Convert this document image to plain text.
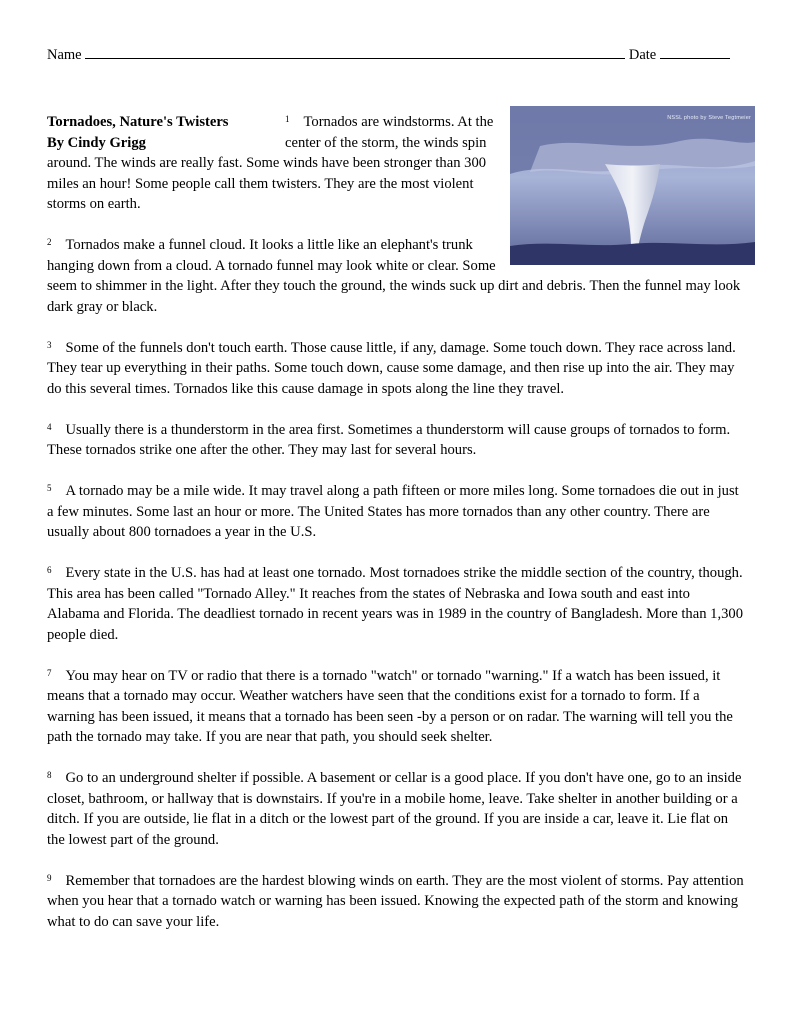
Name	Date
NSSL photo by Steve Tegtmeier
Tornadoes, Nature's Twisters
By Cindy Grigg
$^1$ Tornados are windstorms. At the center of the storm, the winds spin around. The winds are really fast. Some winds have been stronger than 300 miles an hour! Some people call them twisters. They are the most violent storms on earth.
$^2$ Tornados make a funnel cloud. It looks a little like an elephant's trunk hanging down from a cloud. A tornado funnel may look white or clear. Some seem to shimmer in the light. After they touch the ground, the winds suck up dirt and debris. Then the funnel may look dark gray or black.
$^3$ Some of the funnels don't touch earth. Those cause little, if any, damage. Some touch down. They race across land. They tear up everything in their paths. Some touch down, cause some damage, and then rise up into the air. They may do this several times. Tornados like this cause damage in spots along the line they travel.
$^4$ Usually there is a thunderstorm in the area first. Sometimes a thunderstorm will cause groups of tornados to form. These tornados strike one after the other. They may last for several hours.
$^5$ A tornado may be a mile wide. It may travel along a path fifteen or more miles long. Some tornadoes die out in just a few minutes. Some last an hour or more. The United States has more tornados than any other country. There are usually about 800 tornadoes a year in the U.S.
$^6$ Every state in the U.S. has had at least one tornado. Most tornadoes strike the middle section of the country, though. This area has been called "Tornado Alley." It reaches from the states of Nebraska and Iowa south and east into Alabama and Florida. The deadliest tornado in recent years was in 1989 in the country of Bangladesh. More than 1,300 people died.
$^7$ You may hear on TV or radio that there is a tornado "watch" or tornado "warning." If a watch has been issued, it means that a tornado may occur. Weather watchers have seen that the conditions exist for a tornado to form. If a warning has been issued, it means that a tornado has been seen -by a person or on radar. The warning will tell you the path the tornado may take. If you are near that path, you should seek shelter.
$^8$ Go to an underground shelter if possible. A basement or cellar is a good place. If you don't have one, go to an inside closet, bathroom, or hallway that is downstairs. If you're in a mobile home, leave. Take shelter in another building or a ditch. If you are outside, lie flat in a ditch or the lowest part of the ground. If you are inside a car, leave it. Lie flat on the lowest part of the ground.
$^9$ Remember that tornadoes are the hardest blowing winds on earth. They are the most violent of storms. Pay attention when you hear that a tornado watch or warning has been issued. Knowing the expected path of the storm and knowing what to do can save your life.
